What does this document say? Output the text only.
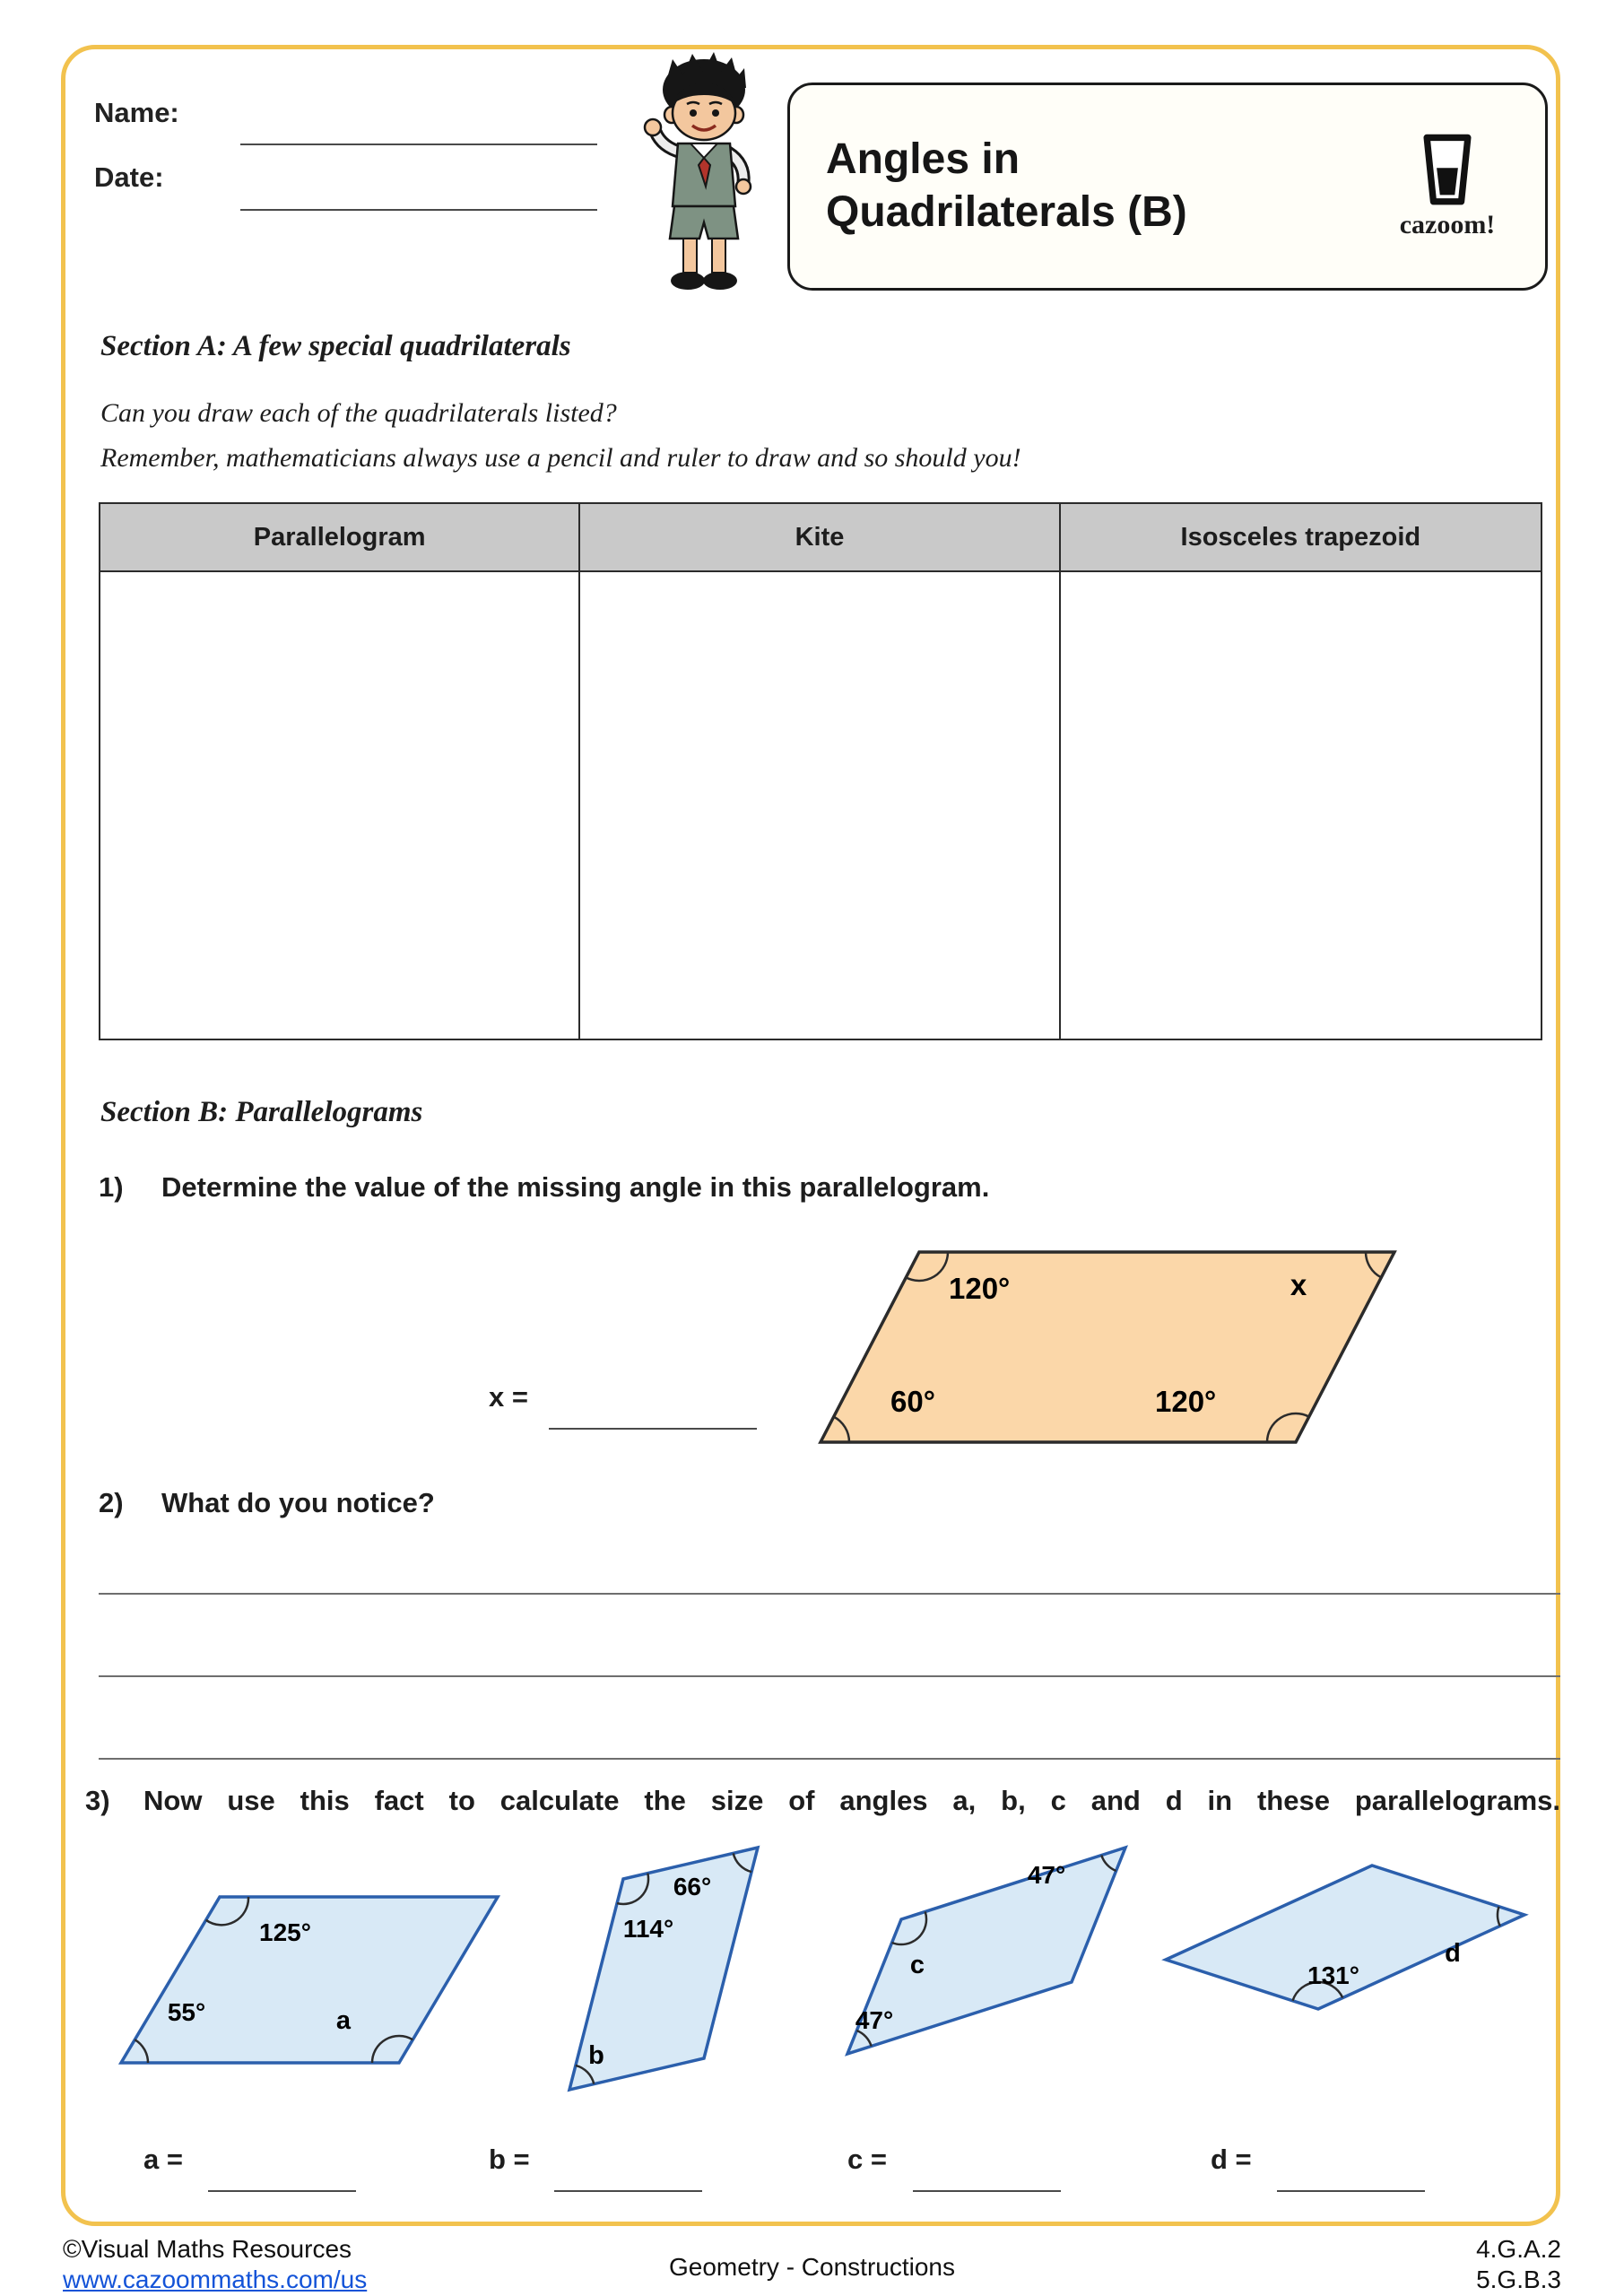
Name:
Date:	Angles in
Quadrilaterals (B)	cazoom!
Section A: A few special quadrilaterals
Can you draw each of the quadrilaterals listed?
Remember, mathematicians always use a pencil and ruler to draw and so should you!
Parallelogram	Kite	Isosceles trapezoid
Section B: Parallelograms
1) Determine the value of the missing angle in this parallelogram.
120°	x
60°	120°
x =
2) What do you notice?
3) Now use this fact to calculate the size of angles a, b, c and d in these parallelograms.
125°
55°	a
66°
114°
b
c
47°
47°
131°
d
a =	b =	c =	d =
©Visual Maths Resources
www.cazoommaths.com/us	Geometry - Constructions
4.G.A.2
5.G.B.3
